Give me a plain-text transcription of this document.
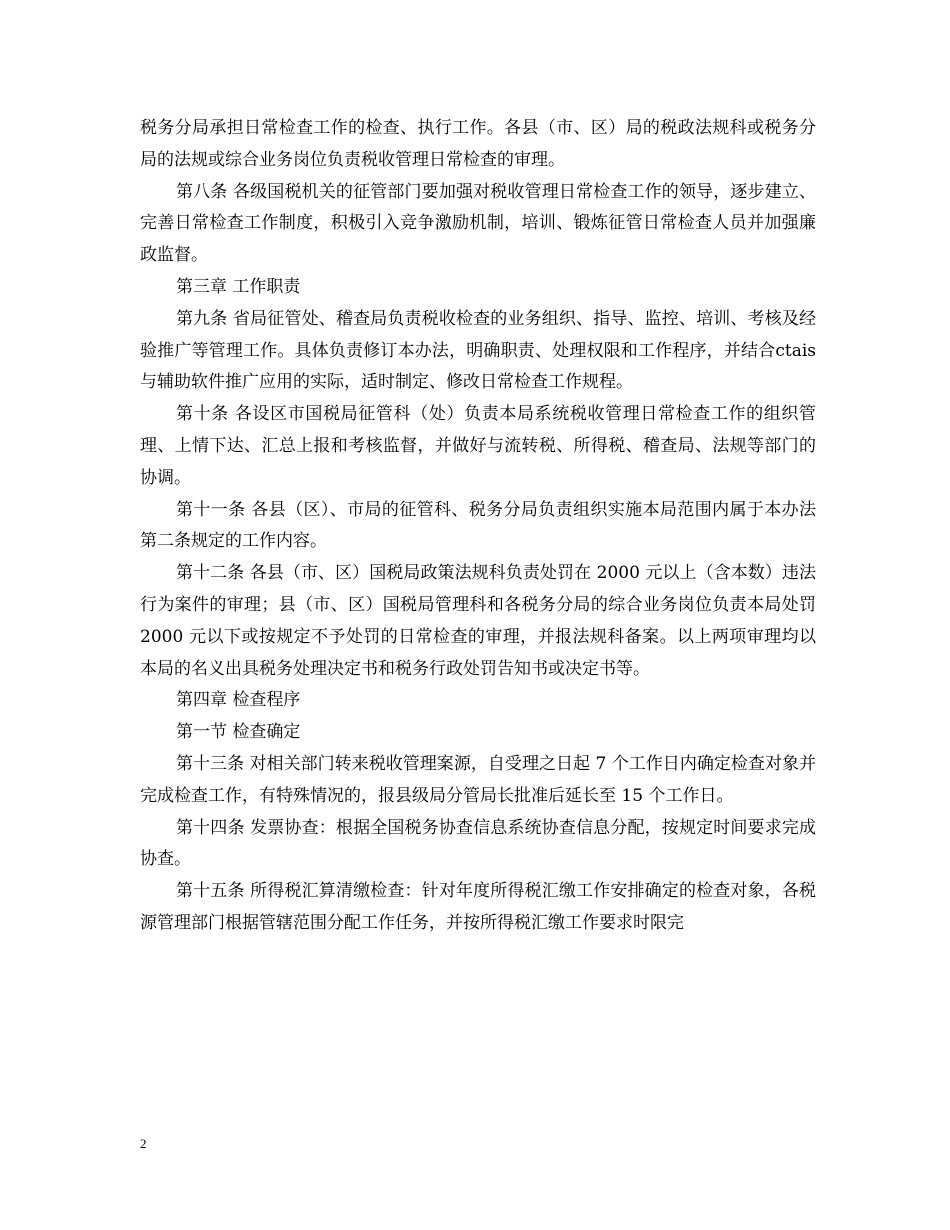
税务分局承担日常检查工作的检查、执行工作。各县（市、区）局的税政法规科或税务分局的法规或综合业务岗位负责税收管理日常检查的审理。

第八条 各级国税机关的征管部门要加强对税收管理日常检查工作的领导，逐步建立、完善日常检查工作制度，积极引入竞争激励机制，培训、锻炼征管日常检查人员并加强廉政监督。

第三章 工作职责

第九条 省局征管处、稽查局负责税收检查的业务组织、指导、监控、培训、考核及经验推广等管理工作。具体负责修订本办法，明确职责、处理权限和工作程序，并结合ctais与辅助软件推广应用的实际，适时制定、修改日常检查工作规程。

第十条 各设区市国税局征管科（处）负责本局系统税收管理日常检查工作的组织管理、上情下达、汇总上报和考核监督，并做好与流转税、所得税、稽查局、法规等部门的协调。

第十一条 各县（区）、市局的征管科、税务分局负责组织实施本局范围内属于本办法第二条规定的工作内容。

第十二条 各县（市、区）国税局政策法规科负责处罚在 2000 元以上（含本数）违法行为案件的审理；县（市、区）国税局管理科和各税务分局的综合业务岗位负责本局处罚 2000 元以下或按规定不予处罚的日常检查的审理，并报法规科备案。以上两项审理均以本局的名义出具税务处理决定书和税务行政处罚告知书或决定书等。

第四章 检查程序

第一节 检查确定

第十三条 对相关部门转来税收管理案源，自受理之日起 7 个工作日内确定检查对象并完成检查工作，有特殊情况的，报县级局分管局长批准后延长至 15 个工作日。

第十四条 发票协查：根据全国税务协查信息系统协查信息分配，按规定时间要求完成协查。

第十五条 所得税汇算清缴检查：针对年度所得税汇缴工作安排确定的检查对象，各税源管理部门根据管辖范围分配工作任务，并按所得税汇缴工作要求时限完

2
